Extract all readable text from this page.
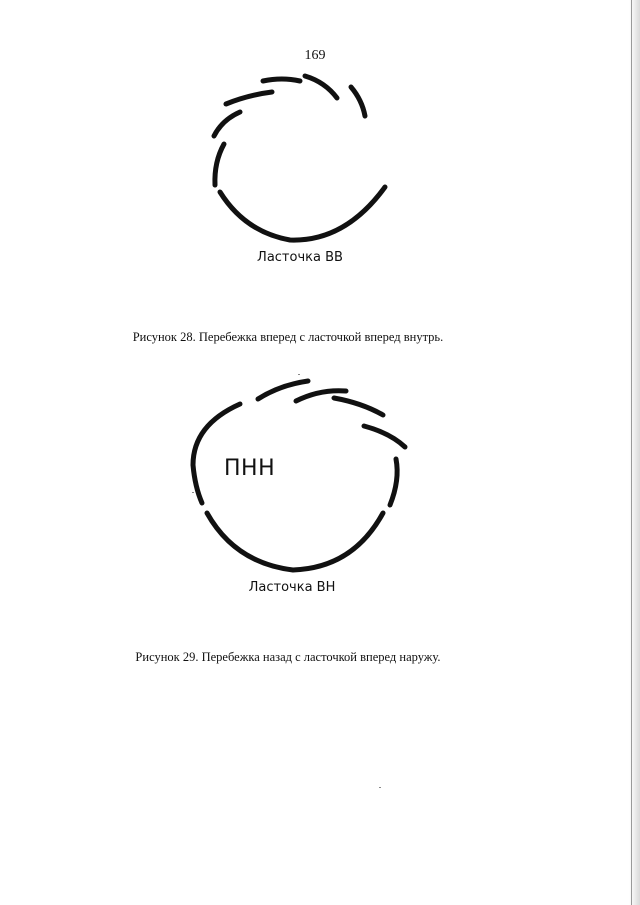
169
Ласточка ВВ
Рисунок 28. Перебежка вперед с ласточкой вперед внутрь.
ПНН
Ласточка ВН
Рисунок 29. Перебежка назад с ласточкой вперед наружу.
